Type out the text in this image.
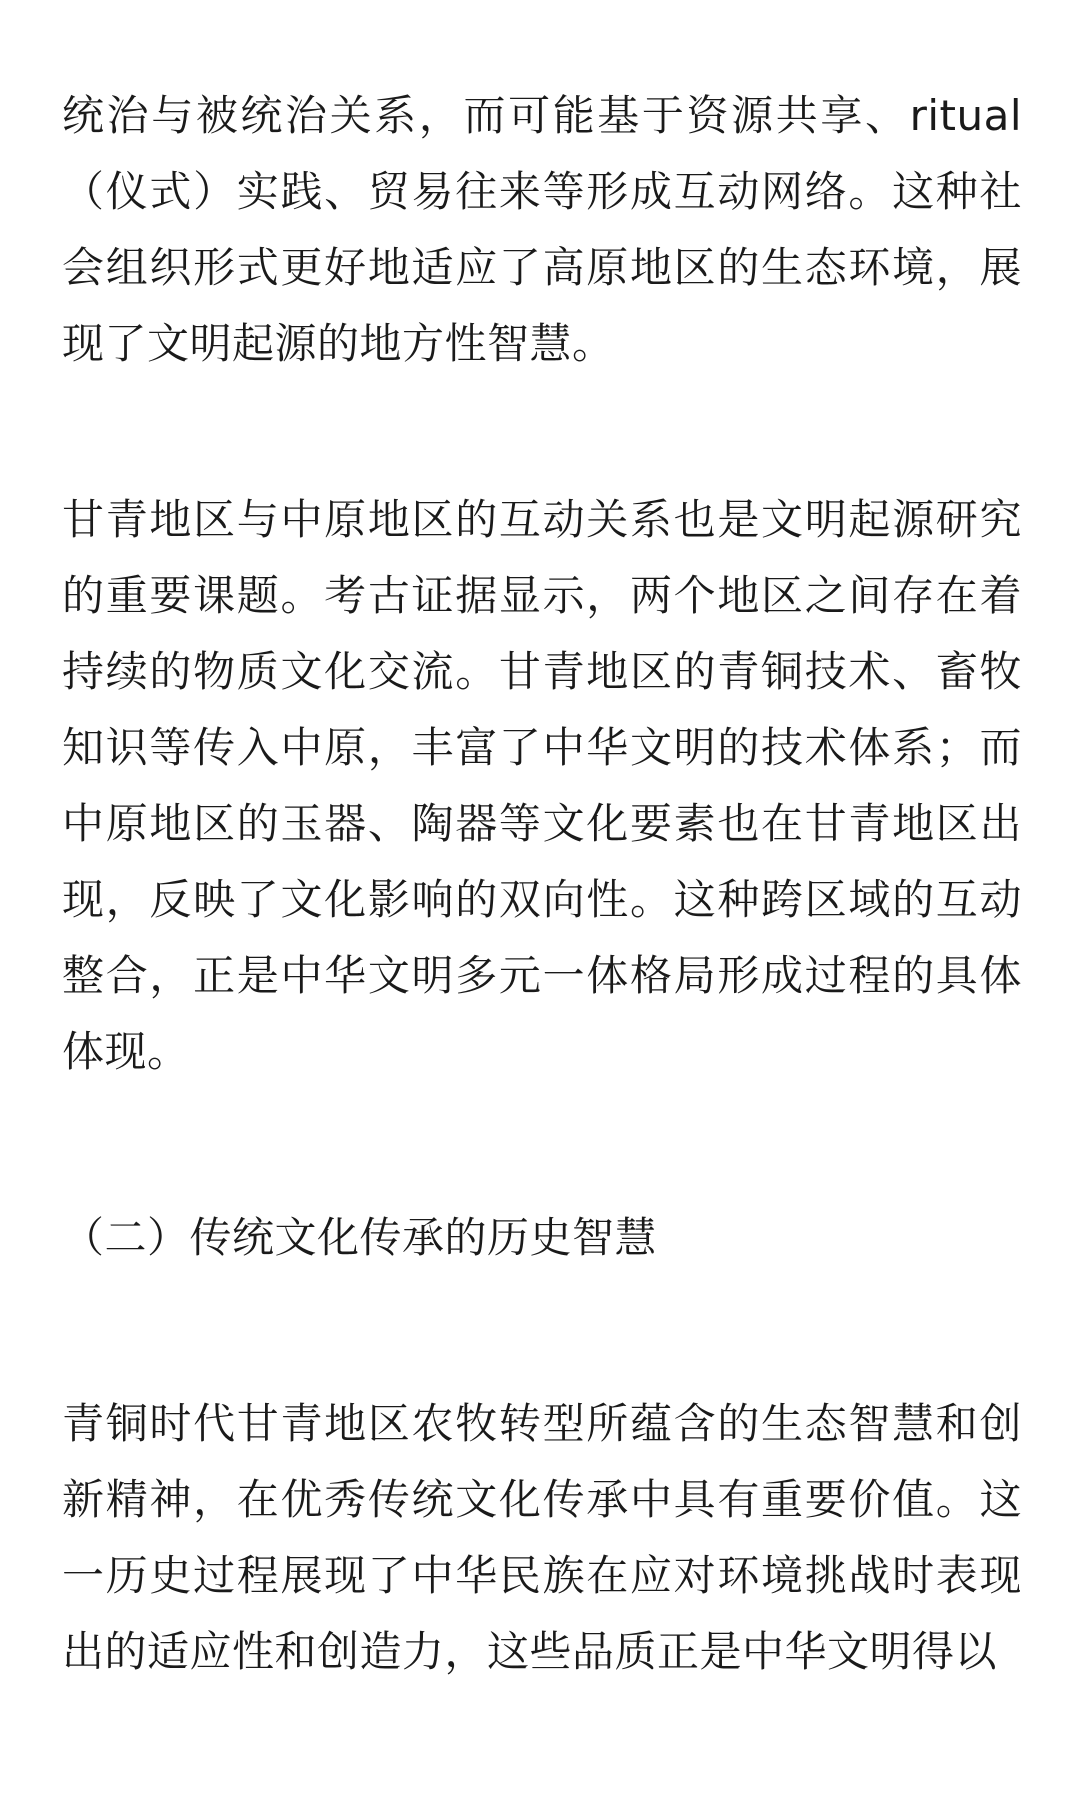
统治与被统治关系，而可能基于资源共享、ritual（仪式）实践、贸易往来等形成互动网络。这种社会组织形式更好地适应了高原地区的生态环境，展现了文明起源的地方性智慧。

甘青地区与中原地区的互动关系也是文明起源研究的重要课题。考古证据显示，两个地区之间存在着持续的物质文化交流。甘青地区的青铜技术、畜牧知识等传入中原，丰富了中华文明的技术体系；而中原地区的玉器、陶器等文化要素也在甘青地区出现，反映了文化影响的双向性。这种跨区域的互动整合，正是中华文明多元一体格局形成过程的具体体现。

（二）传统文化传承的历史智慧

青铜时代甘青地区农牧转型所蕴含的生态智慧和创新精神，在优秀传统文化传承中具有重要价值。这一历史过程展现了中华民族在应对环境挑战时表现出的适应性和创造力，这些品质正是中华文明得以
